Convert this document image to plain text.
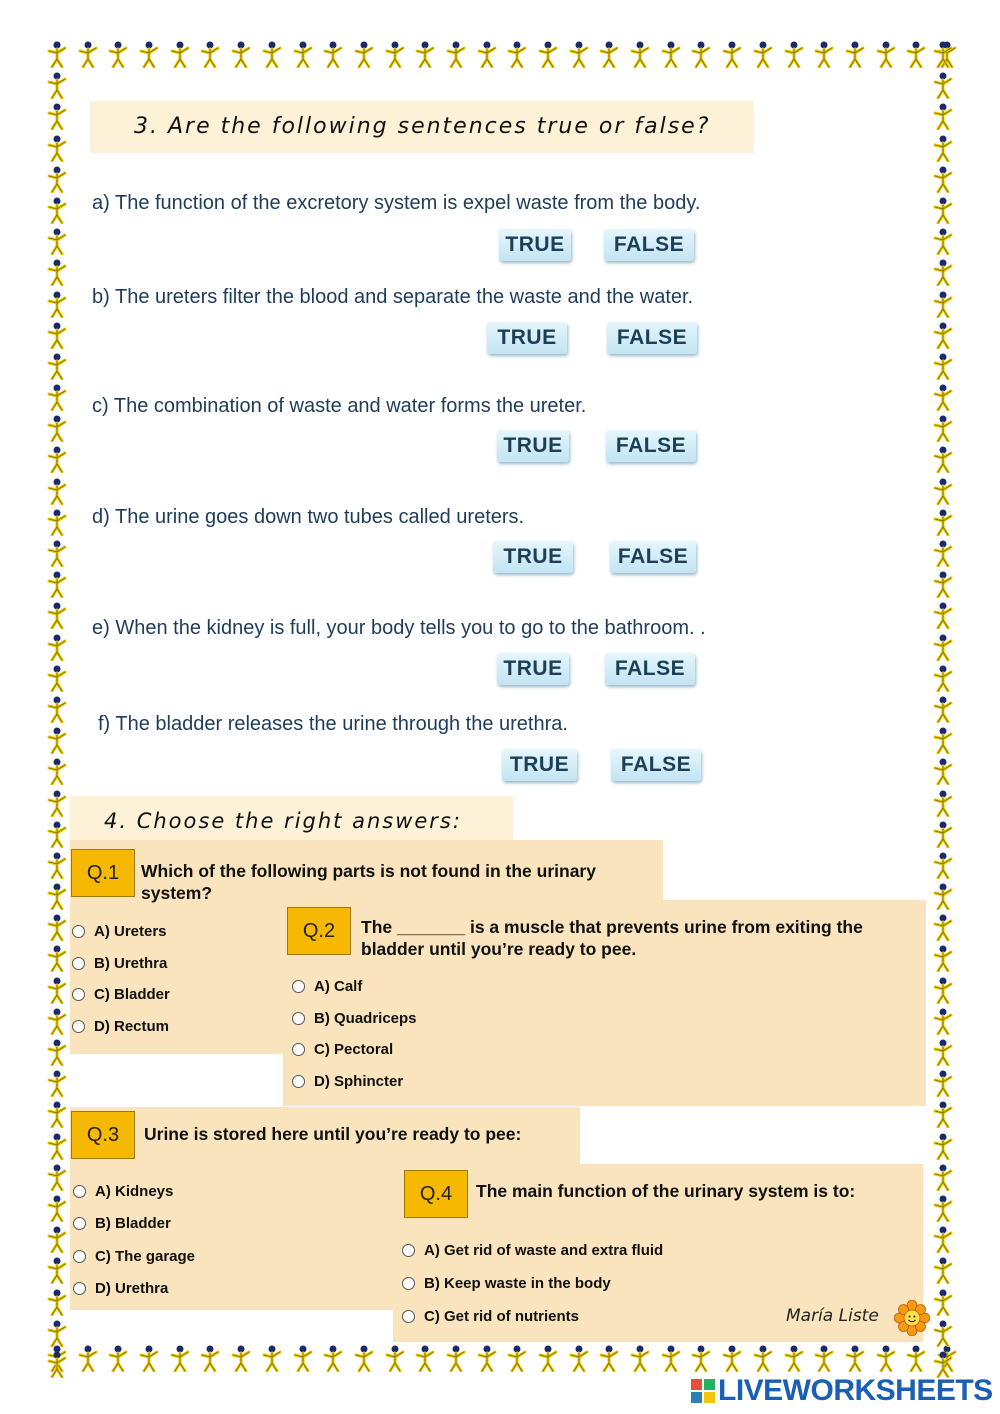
3. Are the following sentences true or false?
a) The function of the excretory system is expel waste from the body.
TRUE	FALSE
b) The ureters filter the blood and separate the waste and the water.
TRUE	FALSE
c) The combination of waste and water forms the ureter.
TRUE	FALSE
d) The urine goes down two tubes called ureters.
TRUE	FALSE
e) When the kidney is full, your body tells you to go to the bathroom. .
TRUE	FALSE
f) The bladder releases the urine through the urethra.
TRUE	FALSE
4. Choose the right answers:
Q.1	Which of the following parts is not found in the urinary system?
A) Ureters
B) Urethra
C) Bladder
D) Rectum
Q.2	The _______ is a muscle that prevents urine from exiting the bladder until you’re ready to pee.
A) Calf
B) Quadriceps
C) Pectoral
D) Sphincter
Q.3	Urine is stored here until you’re ready to pee:
A) Kidneys
B) Bladder
C) The garage
D) Urethra
Q.4	The main function of the urinary system is to:
A) Get rid of waste and extra fluid
B) Keep waste in the body
C) Get rid of nutrients	María Liste
LIVEWORKSHEETS
